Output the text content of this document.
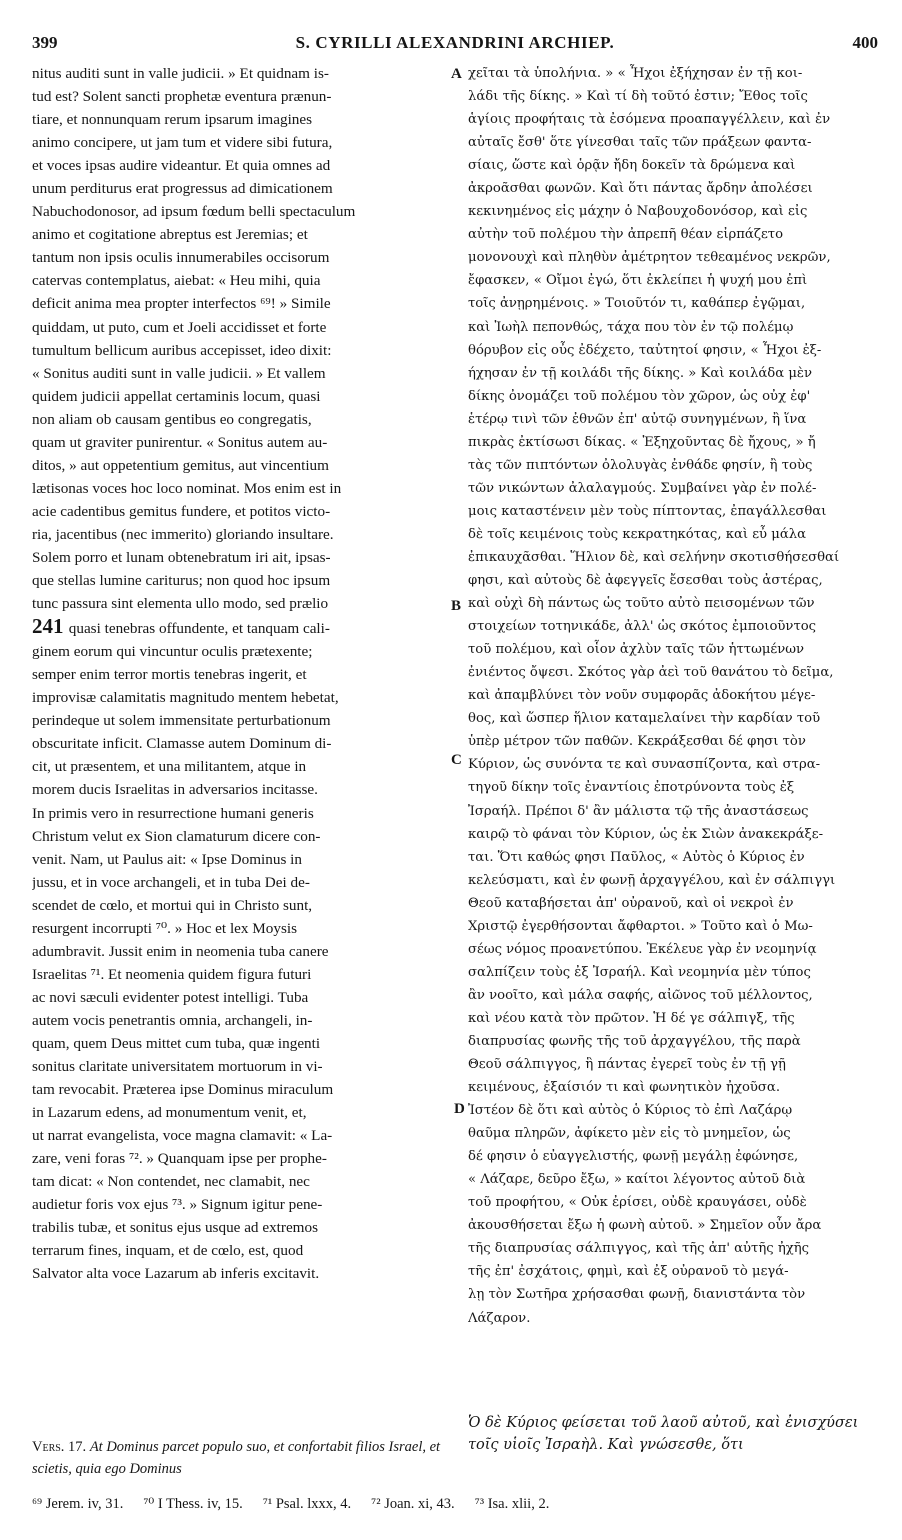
399	S. CYRILLI ALEXANDRINI ARCHIEP.	400
nitus auditi sunt in valle judicii. » Et quidnam is-
tud est? Solent sancti prophetæ eventura prænun-
tiare, et nonnunquam rerum ipsarum imagines
animo concipere, ut jam tum et videre sibi futura,
et voces ipsas audire videantur. Et quia omnes ad
unum perditurus erat progressus ad dimicationem
Nabuchodonosor, ad ipsum fœdum belli spectaculum
animo et cogitatione abreptus est Jeremias; et
tantum non ipsis oculis innumerabiles occisorum
catervas contemplatus, aiebat: « Heu mihi, quia
deficit anima mea propter interfectos ⁶⁹! » Simile
quiddam, ut puto, cum et Joeli accidisset et forte
tumultum bellicum auribus accepisset, ideo dixit:
« Sonitus auditi sunt in valle judicii. » Et vallem
quidem judicii appellat certaminis locum, quasi
non aliam ob causam gentibus eo congregatis,
quam ut graviter punirentur. « Sonitus autem au-
ditos, » aut oppetentium gemitus, aut vincentium
lætisonas voces hoc loco nominat. Mos enim est in
acie cadentibus gemitus fundere, et potitos victo-
ria, jacentibus (nec immerito) gloriando insultare.
Solem porro et lunam obtenebratum iri ait, ipsas-
que stellas lumine cariturus; non quod hoc ipsum
tunc passura sint elementa ullo modo, sed prælio
241 quasi tenebras offundente, et tanquam cali-
ginem eorum qui vincuntur oculis prætexente;
semper enim terror mortis tenebras ingerit, et
improvisæ calamitatis magnitudo mentem hebetat,
perindeque ut solem immensitate perturbationum
obscuritate inficit. Clamasse autem Dominum di-
cit, ut præsentem, et una militantem, atque in
morem ducis Israelitas in adversarios incitasse.
In primis vero in resurrectione humani generis
Christum velut ex Sion clamaturum dicere con-
venit. Nam, ut Paulus ait: « Ipse Dominus in
jussu, et in voce archangeli, et in tuba Dei de-
scendet de cœlo, et mortui qui in Christo sunt,
resurgent incorrupti ⁷⁰. » Hoc et lex Moysis
adumbravit. Jussit enim in neomenia tuba canere
Israelitas ⁷¹. Et neomenia quidem figura futuri
ac novi sæculi evidenter potest intelligi. Tuba
autem vocis penetrantis omnia, archangeli, in-
quam, quem Deus mittet cum tuba, quæ ingenti
sonitus claritate universitatem mortuorum in vi-
tam revocabit. Præterea ipse Dominus miraculum
in Lazarum edens, ad monumentum venit, et,
ut narrat evangelista, voce magna clamavit: « La-
zare, veni foras ⁷². » Quanquam ipse per prophe-
tam dicat: « Non contendet, nec clamabit, nec
audietur foris vox ejus ⁷³. » Signum igitur pene-
trabilis tubæ, et sonitus ejus usque ad extremos
terrarum fines, inquam, et de cœlo, est, quod
Salvator alta voce Lazarum ab inferis excitavit.
A
B
C
D
χεῖται τὰ ὑπολήνια. » « Ἦχοι ἐξήχησαν ἐν τῇ κοι-
λάδι τῆς δίκης. » Καὶ τί δὴ τοῦτό ἐστιν; Ἔθος τοῖς
ἁγίοις προφήταις τὰ ἐσόμενα προαπαγγέλλειν, καὶ ἐν
αὐταῖς ἔσθ' ὅτε γίνεσθαι ταῖς τῶν πράξεων φαντα-
σίαις, ὥστε καὶ ὁρᾷν ἤδη δοκεῖν τὰ δρώμενα καὶ
ἀκροᾶσθαι φωνῶν. Καὶ ὅτι πάντας ἄρδην ἀπολέσει
κεκινημένος εἰς μάχην ὁ Ναβουχοδονόσορ, καὶ εἰς
αὐτὴν τοῦ πολέμου τὴν ἀπρεπῆ θέαν εἰρπάζετο
μονονουχὶ καὶ πληθὺν ἀμέτρητον τεθεαμένος νεκρῶν,
ἔφασκεν, « Οἴμοι ἐγώ, ὅτι ἐκλείπει ἡ ψυχή μου ἐπὶ
τοῖς ἀνῃρημένοις. » Τοιοῦτόν τι, καθάπερ ἐγῷμαι,
καὶ Ἰωὴλ πεπονθώς, τάχα που τὸν ἐν τῷ πολέμῳ
θόρυβον εἰς οὖς ἐδέχετο, ταὐτητοί φησιν, « Ἦχοι ἐξ-
ήχησαν ἐν τῇ κοιλάδι τῆς δίκης. » Καὶ κοιλάδα μὲν
δίκης ὀνομάζει τοῦ πολέμου τὸν χῶρον, ὡς οὐχ ἐφ'
ἑτέρῳ τινὶ τῶν ἐθνῶν ἐπ' αὐτῷ συνηγμένων, ἢ ἵνα
πικρὰς ἐκτίσωσι δίκας. « Ἐξηχοῦντας δὲ ἤχους, » ἤ
τὰς τῶν πιπτόντων ὀλολυγὰς ἐνθάδε φησίν, ἢ τοὺς
τῶν νικώντων ἀλαλαγμούς. Συμβαίνει γὰρ ἐν πολέ-
μοις καταστένειν μὲν τοὺς πίπτοντας, ἐπαγάλλεσθαι
δὲ τοῖς κειμένοις τοὺς κεκρατηκότας, καὶ εὖ μάλα
ἐπικαυχᾶσθαι. Ἥλιον δὲ, καὶ σελήνην σκοτισθήσεσθαί
φησι, καὶ αὐτοὺς δὲ ἀφεγγεῖς ἔσεσθαι τοὺς ἀστέρας,
καὶ οὐχὶ δὴ πάντως ὡς τοῦτο αὐτὸ πεισομένων τῶν
στοιχείων τοτηνικάδε, ἀλλ' ὡς σκότος ἐμποιοῦντος
τοῦ πολέμου, καὶ οἷον ἀχλὺν ταῖς τῶν ἡττωμένων
ἐνιέντος ὄψεσι. Σκότος γὰρ ἀεὶ τοῦ θανάτου τὸ δεῖμα,
καὶ ἀπαμβλύνει τὸν νοῦν συμφορᾶς ἀδοκήτου μέγε-
θος, καὶ ὥσπερ ἥλιον καταμελαίνει τὴν καρδίαν τοῦ
ὑπὲρ μέτρον τῶν παθῶν. Κεκράξεσθαι δέ φησι τὸν
Κύριον, ὡς συνόντα τε καὶ συνασπίζοντα, καὶ στρα-
τηγοῦ δίκην τοῖς ἐναντίοις ἐποτρύνοντα τοὺς ἐξ
Ἰσραήλ. Πρέποι δ' ἂν μάλιστα τῷ τῆς ἀναστάσεως
καιρῷ τὸ φάναι τὸν Κύριον, ὡς ἐκ Σιὼν ἀνακεκράξε-
ται. Ὅτι καθώς φησι Παῦλος, « Αὐτὸς ὁ Κύριος ἐν
κελεύσματι, καὶ ἐν φωνῇ ἀρχαγγέλου, καὶ ἐν σάλπιγγι
Θεοῦ καταβήσεται ἀπ' οὐρανοῦ, καὶ οἱ νεκροὶ ἐν
Χριστῷ ἐγερθήσονται ἄφθαρτοι. » Τοῦτο καὶ ὁ Μω-
σέως νόμος προανετύπου. Ἐκέλευε γὰρ ἐν νεομηνίᾳ
σαλπίζειν τοὺς ἐξ Ἰσραήλ. Καὶ νεομηνία μὲν τύπος
ἂν νοοῖτο, καὶ μάλα σαφής, αἰῶνος τοῦ μέλλοντος,
καὶ νέου κατὰ τὸν πρῶτον. Ἡ δέ γε σάλπιγξ, τῆς
διαπρυσίας φωνῆς τῆς τοῦ ἀρχαγγέλου, τῆς παρὰ
Θεοῦ σάλπιγγος, ἣ πάντας ἐγερεῖ τοὺς ἐν τῇ γῇ
κειμένους, ἐξαίσιόν τι καὶ φωνητικὸν ἠχοῦσα.
Ἰστέον δὲ ὅτι καὶ αὐτὸς ὁ Κύριος τὸ ἐπὶ Λαζάρῳ
θαῦμα πληρῶν, ἀφίκετο μὲν εἰς τὸ μνημεῖον, ὡς
δέ φησιν ὁ εὐαγγελιστής, φωνῇ μεγάλῃ ἐφώνησε,
« Λάζαρε, δεῦρο ἔξω, » καίτοι λέγοντος αὐτοῦ διὰ
τοῦ προφήτου, « Οὐκ ἐρίσει, οὐδὲ κραυγάσει, οὐδὲ
ἀκουσθήσεται ἔξω ἡ φωνὴ αὐτοῦ. » Σημεῖον οὖν ἄρα
τῆς διαπρυσίας σάλπιγγος, καὶ τῆς ἀπ' αὐτῆς ἠχῆς
τῆς ἐπ' ἐσχάτοις, φημὶ, καὶ ἐξ οὐρανοῦ τὸ μεγά-
λῃ τὸν Σωτῆρα χρήσασθαι φωνῇ, διανιστάντα τὸν
Λάζαρον.
Vers. 17. At Dominus parcet populo suo, et confortabit filios Israel, et scietis, quia ego Dominus
Ὁ δὲ Κύριος φείσεται τοῦ λαοῦ αὐτοῦ, καὶ ἐνισχύσει τοῖς υἱοῖς Ἰσραὴλ. Καὶ γνώσεσθε, ὅτι
⁶⁹ Jerem. iv, 31. ⁷⁰ I Thess. iv, 15. ⁷¹ Psal. lxxx, 4. ⁷² Joan. xi, 43. ⁷³ Isa. xlii, 2.
